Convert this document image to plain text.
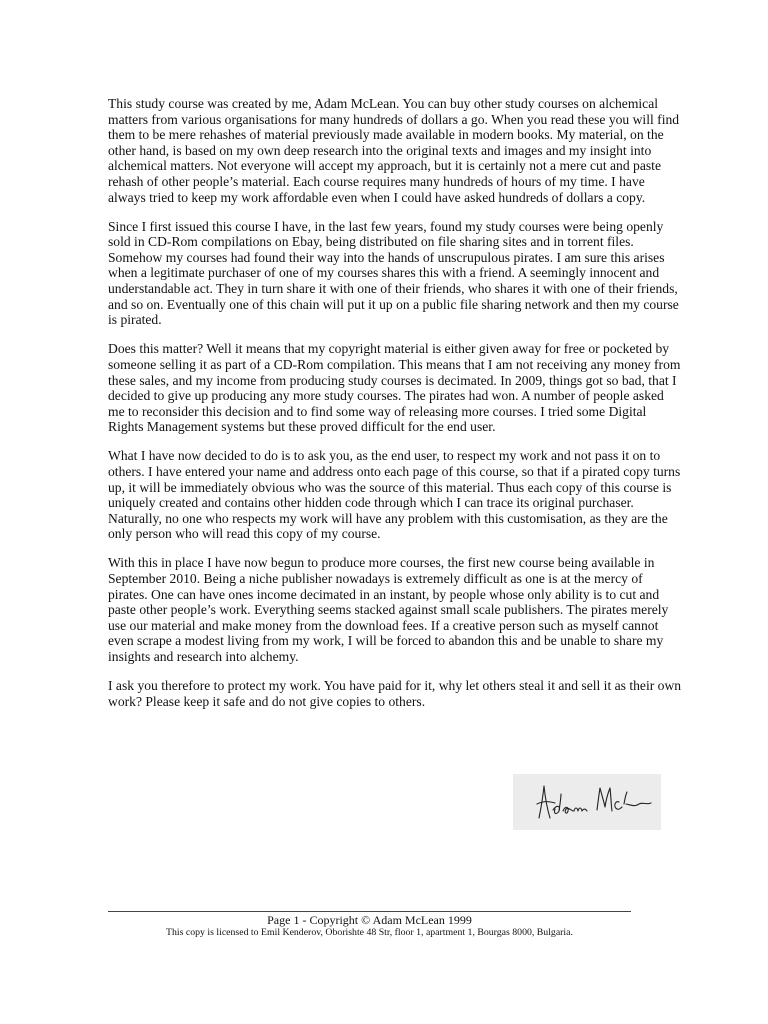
This study course was created by me, Adam McLean. You can buy other study courses on alchemical matters from various organisations for many hundreds of dollars a go. When you read these you will find them to be mere rehashes of material previously made available in modern books. My material, on the other hand, is based on my own deep research into the original texts and images and my insight into alchemical matters. Not everyone will accept my approach, but it is certainly not a mere cut and paste rehash of other people’s material. Each course requires many hundreds of hours of my time. I have always tried to keep my work affordable even when I could have asked hundreds of dollars a copy.

Since I first issued this course I have, in the last few years, found my study courses were being openly sold in CD-Rom compilations on Ebay, being distributed on file sharing sites and in torrent files. Somehow my courses had found their way into the hands of unscrupulous pirates. I am sure this arises when a legitimate purchaser of one of my courses shares this with a friend. A seemingly innocent and understandable act. They in turn share it with one of their friends, who shares it with one of their friends, and so on. Eventually one of this chain will put it up on a public file sharing network and then my course is pirated.

Does this matter? Well it means that my copyright material is either given away for free or pocketed by someone selling it as part of a CD-Rom compilation. This means that I am not receiving any money from these sales, and my income from producing study courses is decimated. In 2009, things got so bad, that I decided to give up producing any more study courses. The pirates had won. A number of people asked me to reconsider this decision and to find some way of releasing more courses. I tried some Digital Rights Management systems but these proved difficult for the end user.

What I have now decided to do is to ask you, as the end user, to respect my work and not pass it on to others. I have entered your name and address onto each page of this course, so that if a pirated copy turns up, it will be immediately obvious who was the source of this material. Thus each copy of this course is uniquely created and contains other hidden code through which I can trace its original purchaser. Naturally, no one who respects my work will have any problem with this customisation, as they are the only person who will read this copy of my course.

With this in place I have now begun to produce more courses, the first new course being available in September 2010. Being a niche publisher nowadays is extremely difficult as one is at the mercy of pirates. One can have ones income decimated in an instant, by people whose only ability is to cut and paste other people’s work. Everything seems stacked against small scale publishers. The pirates merely use our material and make money from the download fees. If a creative person such as myself cannot even scrape a modest living from my work, I will be forced to abandon this and be unable to share my insights and research into alchemy.

I ask you therefore to protect my work. You have paid for it, why let others steal it and sell it as their own work? Please keep it safe and do not give copies to others.

Page 1 - Copyright © Adam McLean 1999
This copy is licensed to Emil Kenderov, Oborishte 48 Str, floor 1, apartment 1, Bourgas 8000, Bulgaria.
